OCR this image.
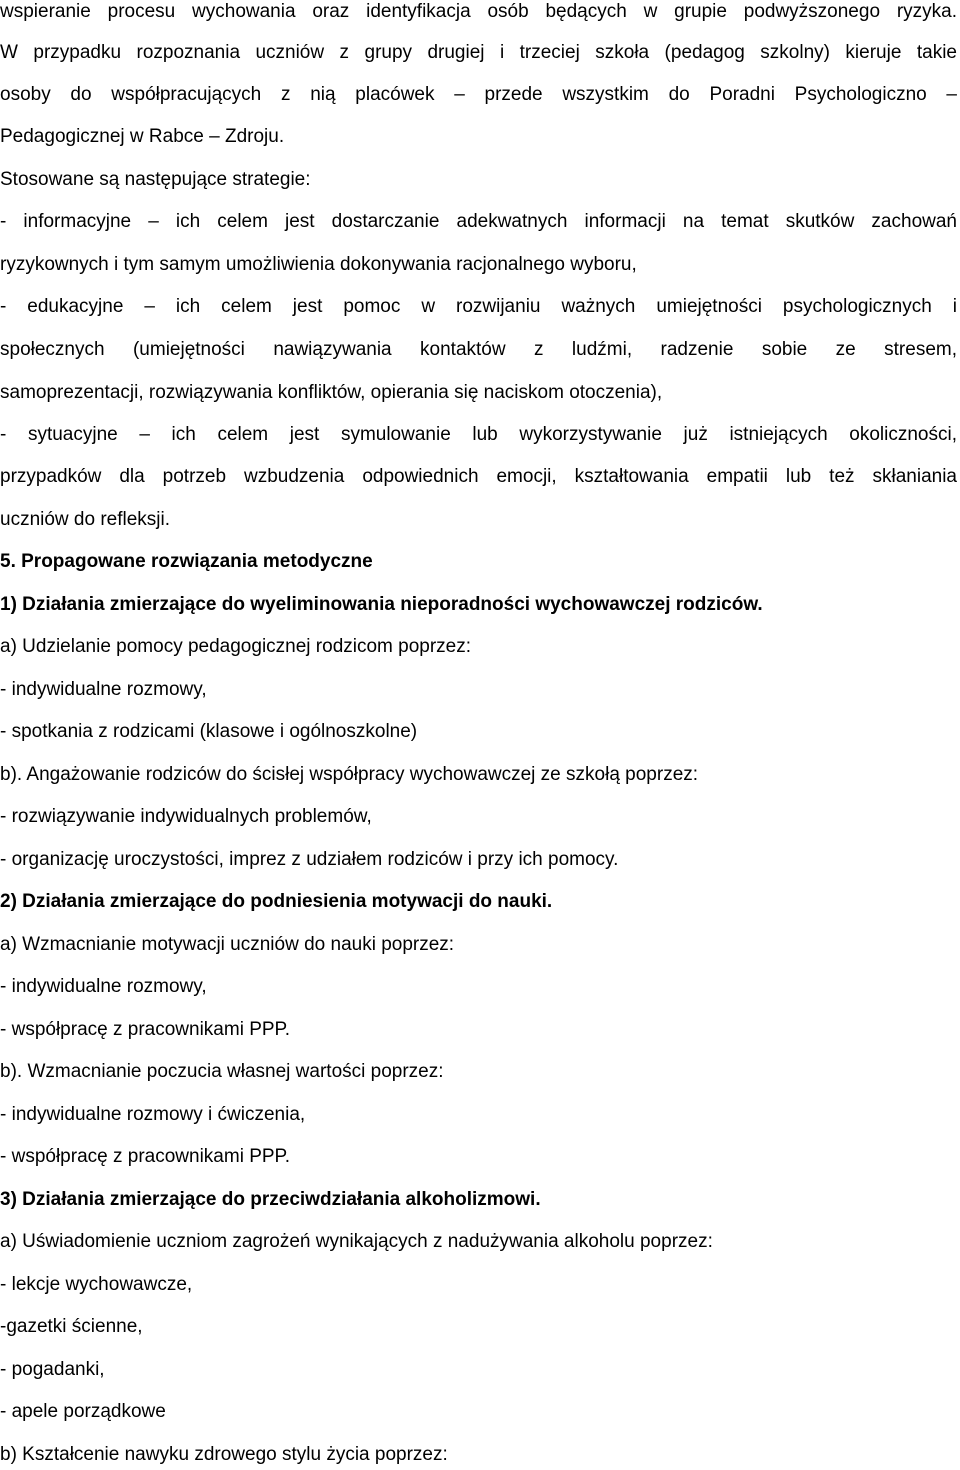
wspieranie procesu wychowania oraz identyfikacja osób będących w grupie podwyższonego ryzyka.
W przypadku rozpoznania uczniów z grupy drugiej i trzeciej szkoła (pedagog szkolny) kieruje takie
osoby do współpracujących z nią placówek – przede wszystkim do Poradni Psychologiczno –
Pedagogicznej w Rabce – Zdroju.
Stosowane są następujące strategie:
- informacyjne – ich celem jest dostarczanie adekwatnych informacji na temat skutków zachowań
ryzykownych i tym samym umożliwienia dokonywania racjonalnego wyboru,
- edukacyjne – ich celem jest pomoc w rozwijaniu ważnych umiejętności psychologicznych i
społecznych (umiejętności nawiązywania kontaktów z ludźmi, radzenie sobie ze stresem,
samoprezentacji, rozwiązywania konfliktów, opierania się naciskom otoczenia),
- sytuacyjne – ich celem jest symulowanie lub wykorzystywanie już istniejących okoliczności,
przypadków dla potrzeb wzbudzenia odpowiednich emocji, kształtowania empatii lub też skłaniania
uczniów do refleksji.
5. Propagowane rozwiązania metodyczne
1) Działania zmierzające do wyeliminowania nieporadności wychowawczej rodziców.
a) Udzielanie pomocy pedagogicznej rodzicom poprzez:
- indywidualne rozmowy,
- spotkania z rodzicami (klasowe i ogólnoszkolne)
b). Angażowanie rodziców do ścisłej współpracy wychowawczej ze szkołą poprzez:
- rozwiązywanie indywidualnych problemów,
- organizację uroczystości, imprez z udziałem rodziców i przy ich pomocy.
2) Działania zmierzające do podniesienia motywacji do nauki.
a) Wzmacnianie motywacji uczniów do nauki poprzez:
- indywidualne rozmowy,
- współpracę z pracownikami PPP.
b). Wzmacnianie poczucia własnej wartości poprzez:
- indywidualne rozmowy i ćwiczenia,
- współpracę z pracownikami PPP.
3) Działania zmierzające do przeciwdziałania alkoholizmowi.
a) Uświadomienie uczniom zagrożeń wynikających z nadużywania alkoholu poprzez:
- lekcje wychowawcze,
-gazetki ścienne,
- pogadanki,
- apele porządkowe
b) Kształcenie nawyku zdrowego stylu życia poprzez:
